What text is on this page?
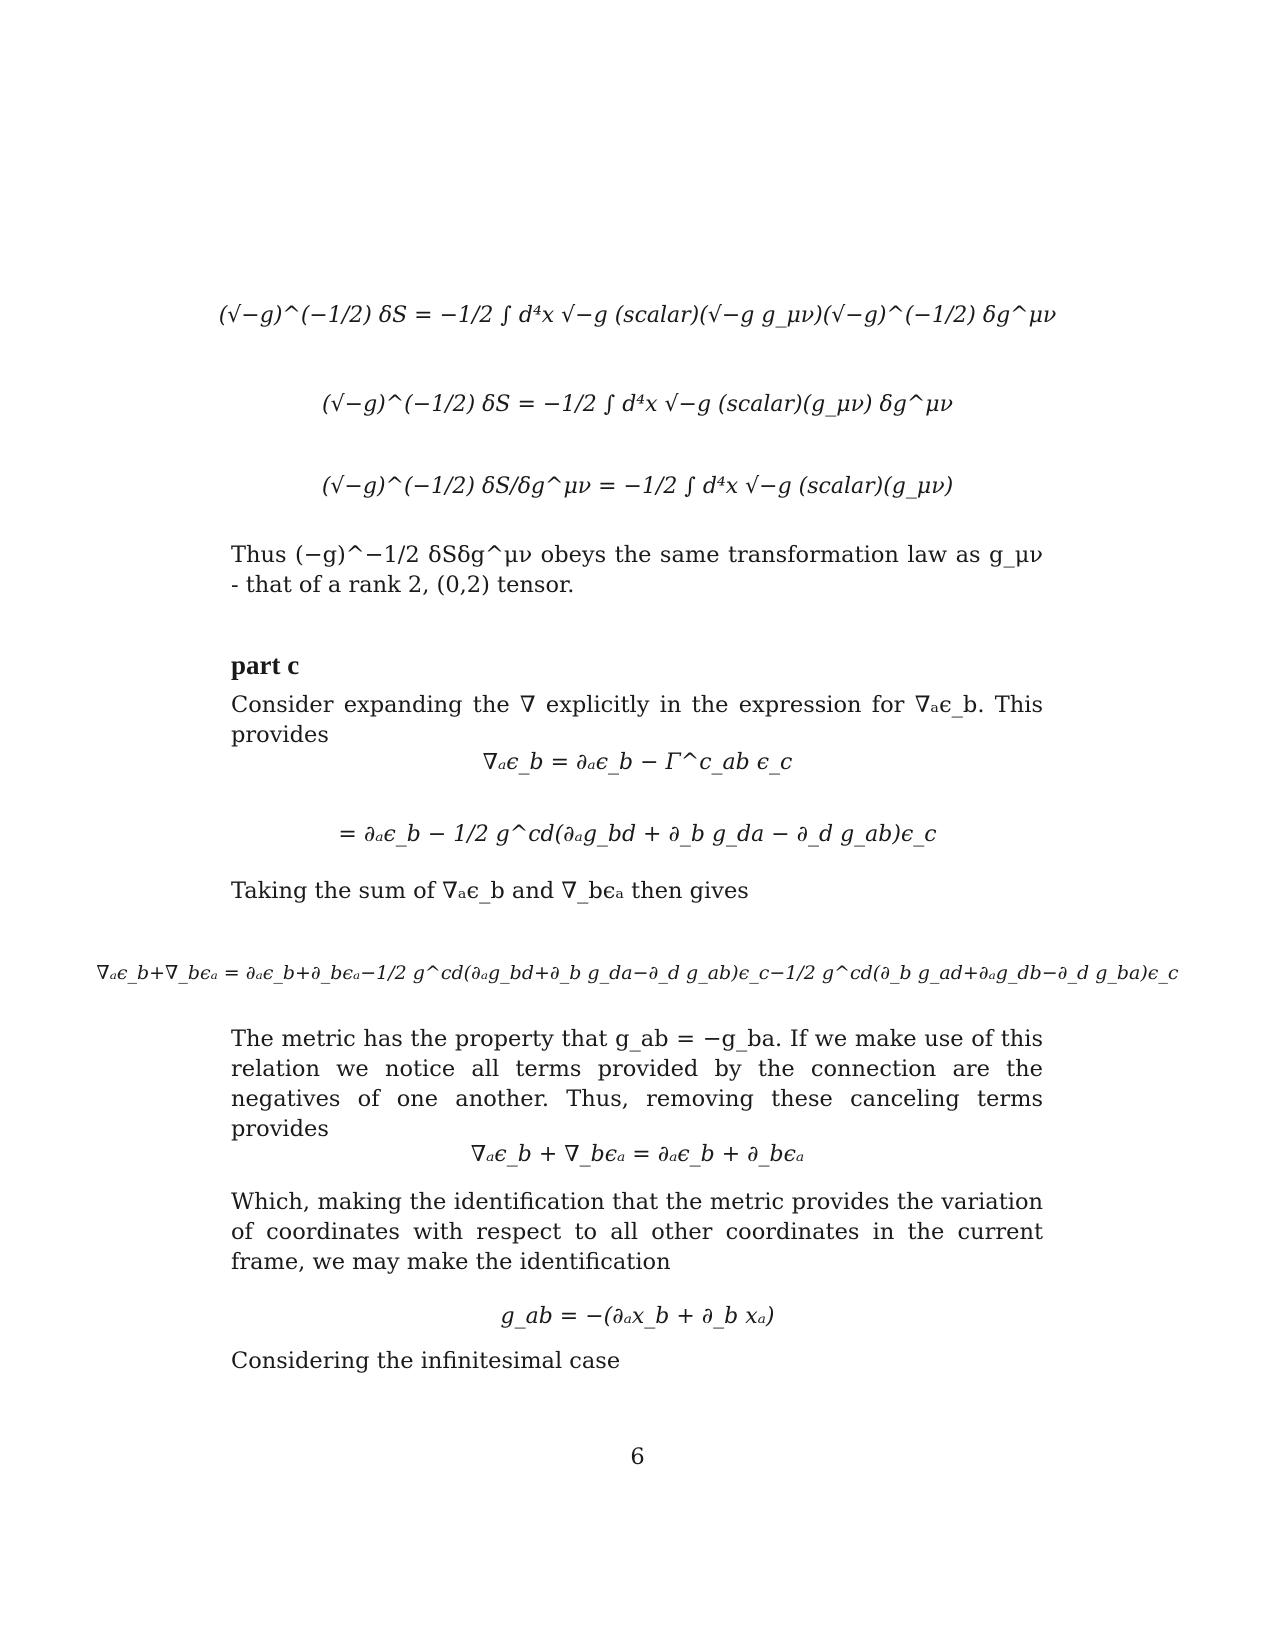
(√−g)^(−1/2) δS = −1/2 ∫ d⁴x √−g (scalar)(√−g g_μν)(√−g)^(−1/2) δg^μν
(√−g)^(−1/2) δS = −1/2 ∫ d⁴x √−g (scalar)(g_μν) δg^μν
(√−g)^(−1/2) δS/δg^μν = −1/2 ∫ d⁴x √−g (scalar)(g_μν)
Thus (−g)^−1/2 δSδg^μν obeys the same transformation law as g_μν - that of a rank 2, (0,2) tensor.
part c
Consider expanding the ∇ explicitly in the expression for ∇ₐϵ_b. This provides
∇ₐϵ_b = ∂ₐϵ_b − Γ^c_ab ϵ_c
= ∂ₐϵ_b − 1/2 g^cd(∂ₐg_bd + ∂_b g_da − ∂_d g_ab)ϵ_c
Taking the sum of ∇ₐϵ_b and ∇_bϵₐ then gives
∇ₐϵ_b+∇_bϵₐ = ∂ₐϵ_b+∂_bϵₐ−1/2 g^cd(∂ₐg_bd+∂_b g_da−∂_d g_ab)ϵ_c−1/2 g^cd(∂_b g_ad+∂ₐg_db−∂_d g_ba)ϵ_c
The metric has the property that g_ab = −g_ba. If we make use of this relation we notice all terms provided by the connection are the negatives of one another. Thus, removing these canceling terms provides
∇ₐϵ_b + ∇_bϵₐ = ∂ₐϵ_b + ∂_bϵₐ
Which, making the identification that the metric provides the variation of coordinates with respect to all other coordinates in the current frame, we may make the identification
g_ab = −(∂ₐx_b + ∂_b xₐ)
Considering the infinitesimal case
6
